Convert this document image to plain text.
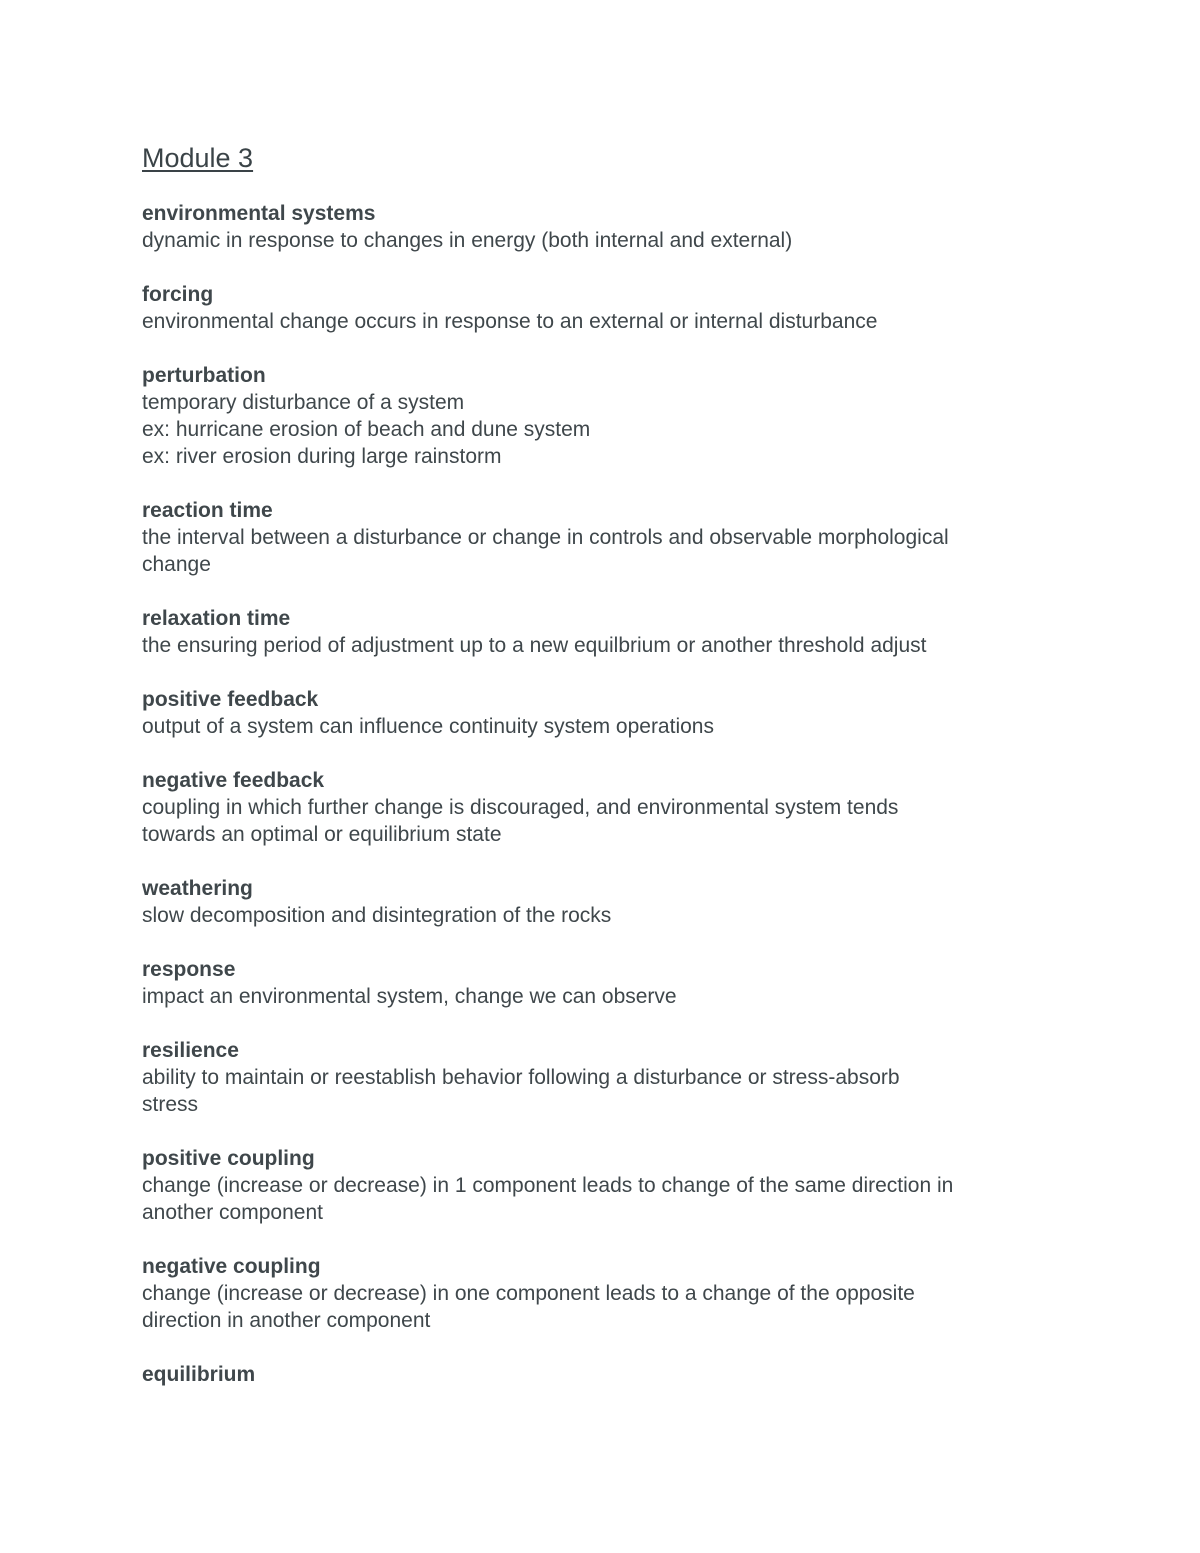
Module 3
environmental systems
dynamic in response to changes in energy (both internal and external)
forcing
environmental change occurs in response to an external or internal disturbance
perturbation
temporary disturbance of a system
ex: hurricane erosion of beach and dune system
ex: river erosion during large rainstorm
reaction time
the interval between a disturbance or change in controls and observable morphological
change
relaxation time
the ensuring period of adjustment up to a new equilbrium or another threshold adjust
positive feedback
output of a system can influence continuity system operations
negative feedback
coupling in which further change is discouraged, and environmental system tends
towards an optimal or equilibrium state
weathering
slow decomposition and disintegration of the rocks
response
impact an environmental system, change we can observe
resilience
ability to maintain or reestablish behavior following a disturbance or stress-absorb
stress
positive coupling
change (increase or decrease) in 1 component leads to change of the same direction in
another component
negative coupling
change (increase or decrease) in one component leads to a change of the opposite
direction in another component
equilibrium
